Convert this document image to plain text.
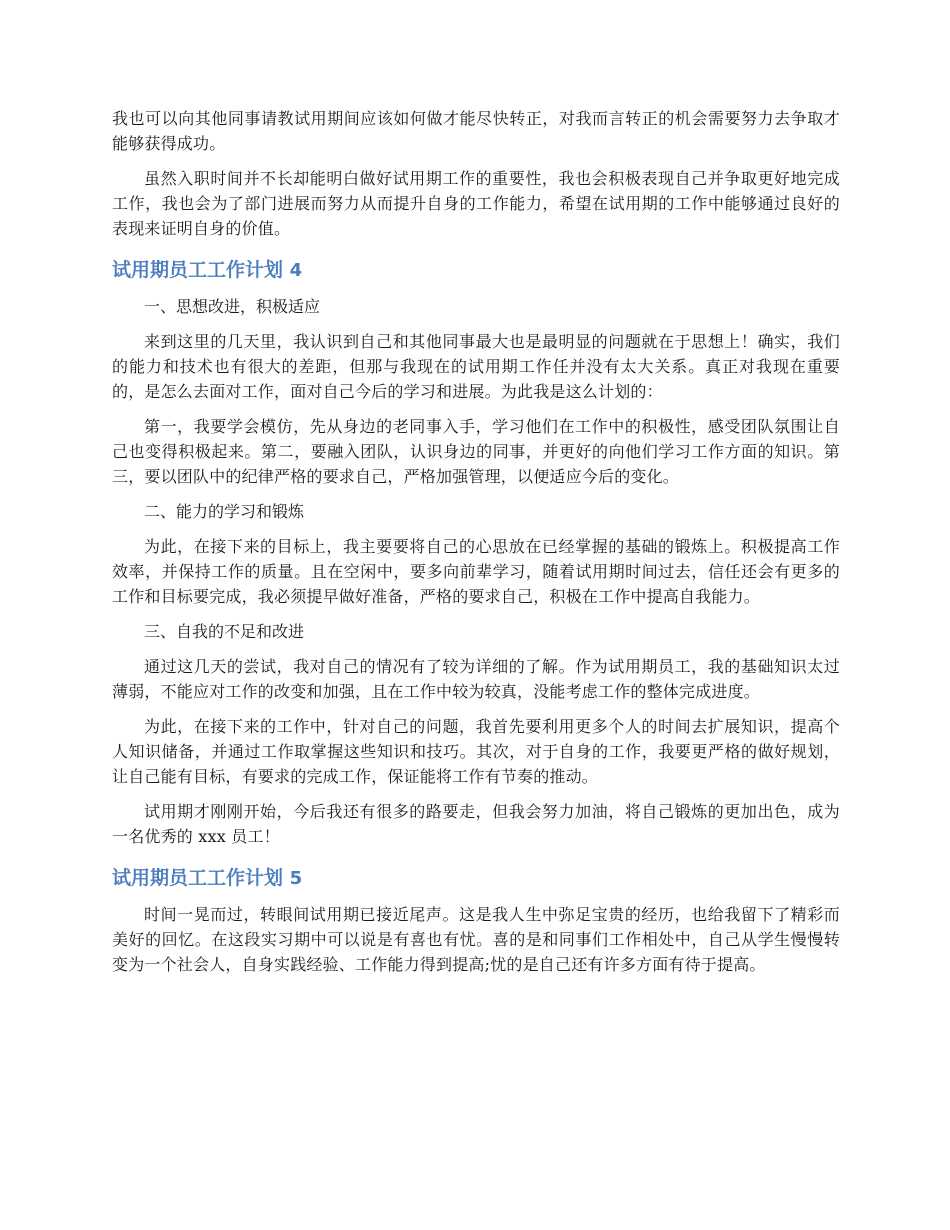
我也可以向其他同事请教试用期间应该如何做才能尽快转正，对我而言转正的机会需要努力去争取才能够获得成功。

虽然入职时间并不长却能明白做好试用期工作的重要性，我也会积极表现自己并争取更好地完成工作，我也会为了部门进展而努力从而提升自身的工作能力，希望在试用期的工作中能够通过良好的表现来证明自身的价值。

试用期员工工作计划 4

一、思想改进，积极适应

来到这里的几天里，我认识到自己和其他同事最大也是最明显的问题就在于思想上！确实，我们的能力和技术也有很大的差距，但那与我现在的试用期工作任并没有太大关系。真正对我现在重要的，是怎么去面对工作，面对自己今后的学习和进展。为此我是这么计划的：

第一，我要学会模仿，先从身边的老同事入手，学习他们在工作中的积极性，感受团队氛围让自己也变得积极起来。第二，要融入团队，认识身边的同事，并更好的向他们学习工作方面的知识。第三，要以团队中的纪律严格的要求自己，严格加强管理，以便适应今后的变化。

二、能力的学习和锻炼

为此，在接下来的目标上，我主要要将自己的心思放在已经掌握的基础的锻炼上。积极提高工作效率，并保持工作的质量。且在空闲中，要多向前辈学习，随着试用期时间过去，信任还会有更多的工作和目标要完成，我必须提早做好准备，严格的要求自己，积极在工作中提高自我能力。

三、自我的不足和改进

通过这几天的尝试，我对自己的情况有了较为详细的了解。作为试用期员工，我的基础知识太过薄弱，不能应对工作的改变和加强，且在工作中较为较真，没能考虑工作的整体完成进度。

为此，在接下来的工作中，针对自己的问题，我首先要利用更多个人的时间去扩展知识，提高个人知识储备，并通过工作取掌握这些知识和技巧。其次，对于自身的工作，我要更严格的做好规划，让自己能有目标，有要求的完成工作，保证能将工作有节奏的推动。

试用期才刚刚开始，今后我还有很多的路要走，但我会努力加油，将自己锻炼的更加出色，成为一名优秀的 xxx 员工！

试用期员工工作计划 5

时间一晃而过，转眼间试用期已接近尾声。这是我人生中弥足宝贵的经历，也给我留下了精彩而美好的回忆。在这段实习期中可以说是有喜也有忧。喜的是和同事们工作相处中，自己从学生慢慢转变为一个社会人，自身实践经验、工作能力得到提高;忧的是自己还有许多方面有待于提高。
